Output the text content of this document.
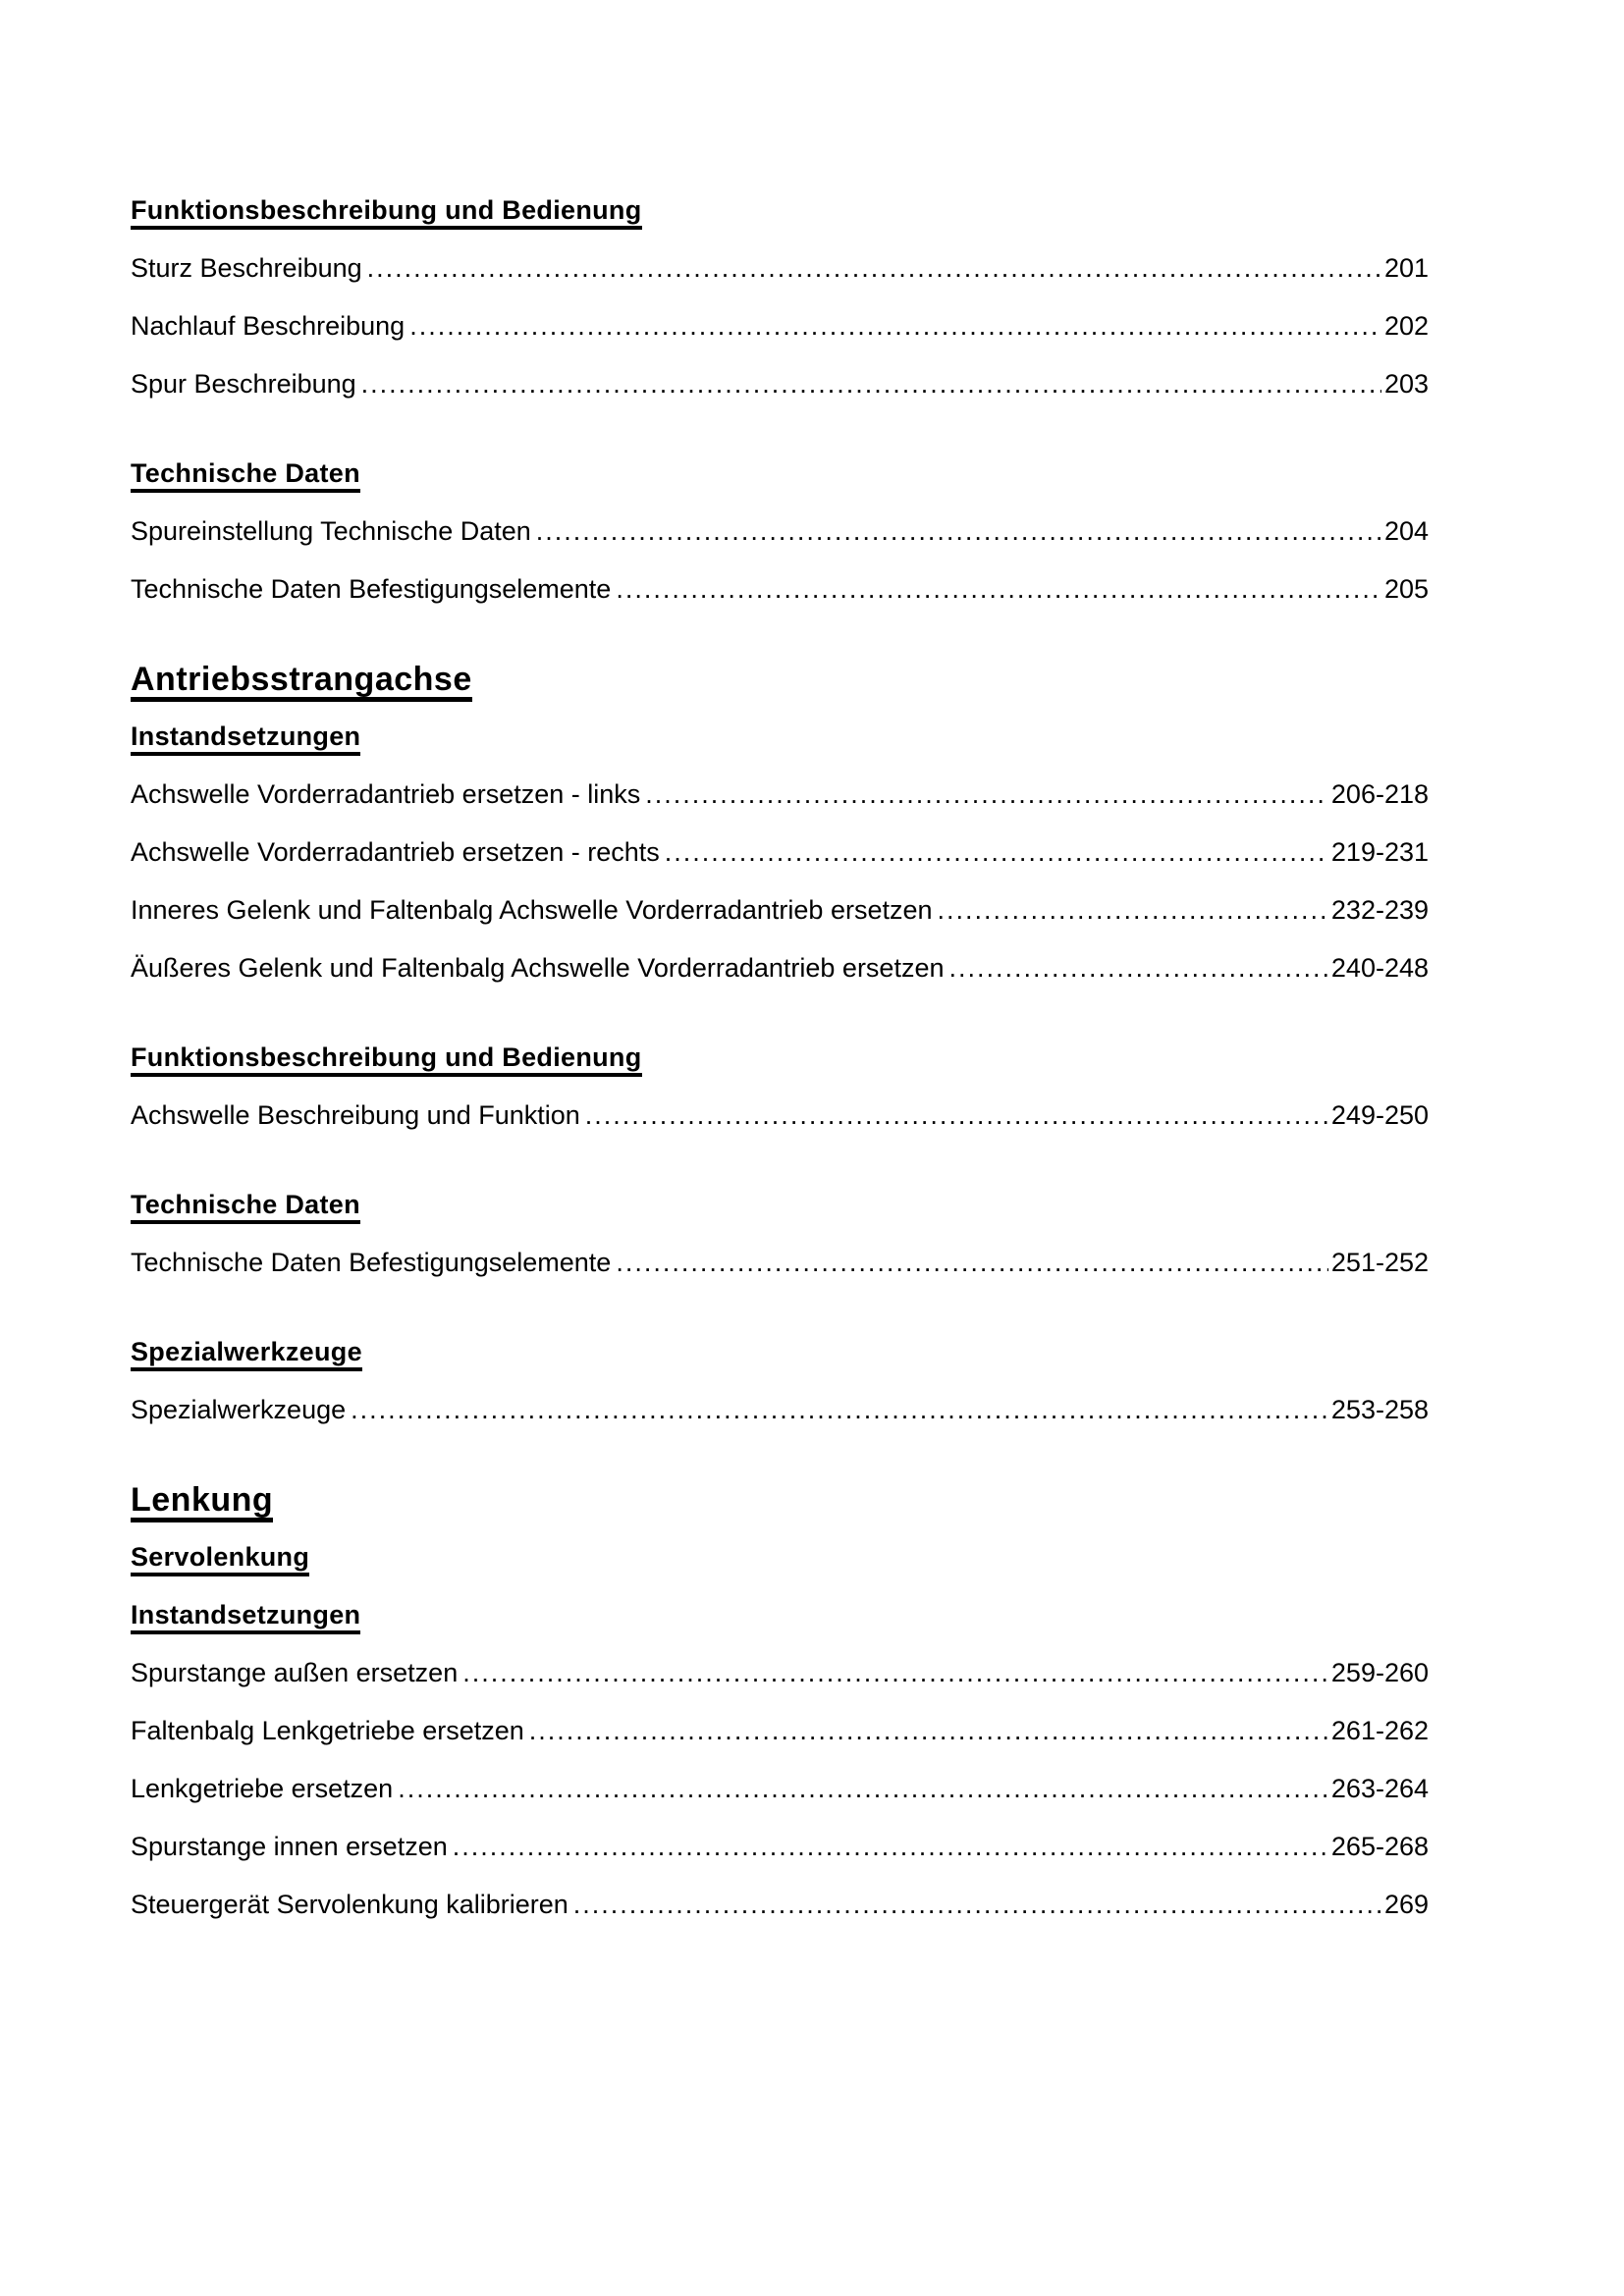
Funktionsbeschreibung und Bedienung
Sturz Beschreibung .....	201
Nachlauf Beschreibung .....	202
Spur Beschreibung .....	203
Technische Daten
Spureinstellung Technische Daten .....	204
Technische Daten Befestigungselemente .....	205
Antriebsstrangachse
Instandsetzungen
Achswelle Vorderradantrieb ersetzen - links .....	206-218
Achswelle Vorderradantrieb ersetzen - rechts .....	219-231
Inneres Gelenk und Faltenbalg Achswelle Vorderradantrieb ersetzen .....	232-239
Äußeres Gelenk und Faltenbalg Achswelle Vorderradantrieb ersetzen .....	240-248
Funktionsbeschreibung und Bedienung
Achswelle Beschreibung und Funktion .....	249-250
Technische Daten
Technische Daten Befestigungselemente .....	251-252
Spezialwerkzeuge
Spezialwerkzeuge .....	253-258
Lenkung
Servolenkung
Instandsetzungen
Spurstange außen ersetzen .....	259-260
Faltenbalg Lenkgetriebe ersetzen .....	261-262
Lenkgetriebe ersetzen .....	263-264
Spurstange innen ersetzen .....	265-268
Steuergerät Servolenkung kalibrieren .....	269
